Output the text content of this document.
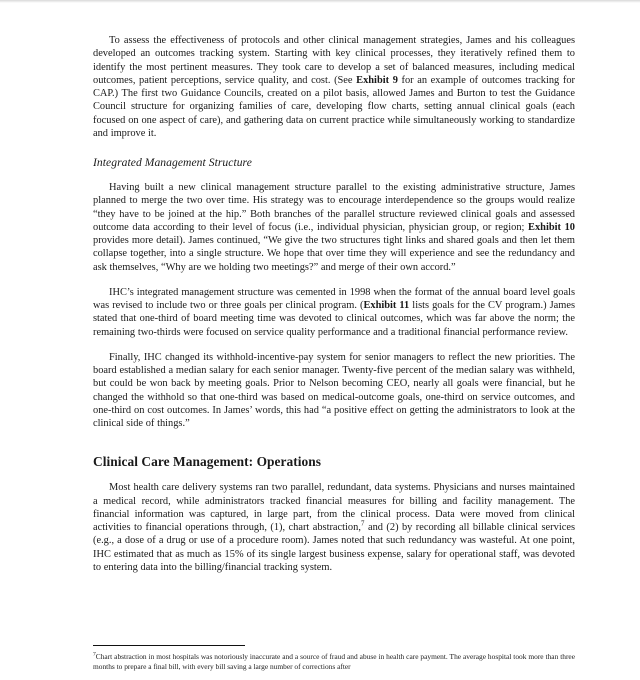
To assess the effectiveness of protocols and other clinical management strategies, James and his colleagues developed an outcomes tracking system. Starting with key clinical processes, they iteratively refined them to identify the most pertinent measures. They took care to develop a set of balanced measures, including medical outcomes, patient perceptions, service quality, and cost. (See Exhibit 9 for an example of outcomes tracking for CAP.) The first two Guidance Councils, created on a pilot basis, allowed James and Burton to test the Guidance Council structure for organizing families of care, developing flow charts, setting annual clinical goals (each focused on one aspect of care), and gathering data on current practice while simultaneously working to standardize and improve it.

Integrated Management Structure

Having built a new clinical management structure parallel to the existing administrative structure, James planned to merge the two over time. His strategy was to encourage interdependence so the groups would realize “they have to be joined at the hip.” Both branches of the parallel structure reviewed clinical goals and assessed outcome data according to their level of focus (i.e., individual physician, physician group, or region; Exhibit 10 provides more detail). James continued, “We give the two structures tight links and shared goals and then let them collapse together, into a single structure. We hope that over time they will experience and see the redundancy and ask themselves, “Why are we holding two meetings?” and merge of their own accord.”

IHC’s integrated management structure was cemented in 1998 when the format of the annual board level goals was revised to include two or three goals per clinical program. (Exhibit 11 lists goals for the CV program.) James stated that one-third of board meeting time was devoted to clinical outcomes, which was far above the norm; the remaining two-thirds were focused on service quality performance and a traditional financial performance review.

Finally, IHC changed its withhold-incentive-pay system for senior managers to reflect the new priorities. The board established a median salary for each senior manager. Twenty-five percent of the median salary was withheld, but could be won back by meeting goals. Prior to Nelson becoming CEO, nearly all goals were financial, but he changed the withhold so that one-third was based on medical-outcome goals, one-third on service outcomes, and one-third on cost outcomes. In James’ words, this had “a positive effect on getting the administrators to look at the clinical side of things.”

Clinical Care Management: Operations

Most health care delivery systems ran two parallel, redundant, data systems. Physicians and nurses maintained a medical record, while administrators tracked financial measures for billing and facility management. The financial information was captured, in large part, from the clinical process. Data were moved from clinical activities to financial operations through, (1), chart abstraction,$^7$ and (2) by recording all billable clinical services (e.g., a dose of a drug or use of a procedure room). James noted that such redundancy was wasteful. At one point, IHC estimated that as much as 15% of its single largest business expense, salary for operational staff, was devoted to entering data into the billing/financial tracking system.

$^7$Chart abstraction in most hospitals was notoriously inaccurate and a source of fraud and abuse in health care payment. The average hospital took more than three months to prepare a final bill, with every bill saving a large number of corrections after
